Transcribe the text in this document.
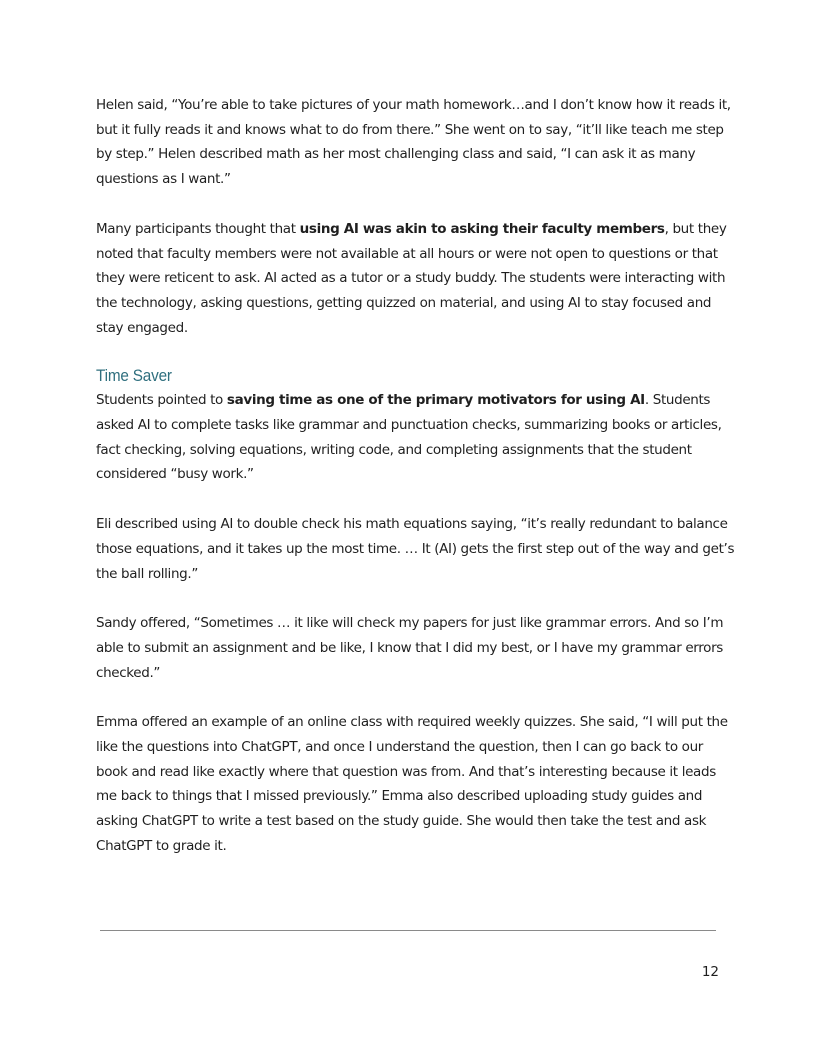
Helen said, “You’re able to take pictures of your math homework…and I don’t know how it reads it, but it fully reads it and knows what to do from there.” She went on to say, “it’ll like teach me step by step.” Helen described math as her most challenging class and said, “I can ask it as many questions as I want.”

Many participants thought that using AI was akin to asking their faculty members, but they noted that faculty members were not available at all hours or were not open to questions or that they were reticent to ask. AI acted as a tutor or a study buddy. The students were interacting with the technology, asking questions, getting quizzed on material, and using AI to stay focused and stay engaged.

Time Saver

Students pointed to saving time as one of the primary motivators for using AI. Students asked AI to complete tasks like grammar and punctuation checks, summarizing books or articles, fact checking, solving equations, writing code, and completing assignments that the student considered “busy work.”

Eli described using AI to double check his math equations saying, “it’s really redundant to balance those equations, and it takes up the most time. … It (AI) gets the first step out of the way and get’s the ball rolling.”

Sandy offered, “Sometimes … it like will check my papers for just like grammar errors. And so I’m able to submit an assignment and be like, I know that I did my best, or I have my grammar errors checked.”

Emma offered an example of an online class with required weekly quizzes. She said, “I will put the like the questions into ChatGPT, and once I understand the question, then I can go back to our book and read like exactly where that question was from. And that’s interesting because it leads me back to things that I missed previously.” Emma also described uploading study guides and asking ChatGPT to write a test based on the study guide. She would then take the test and ask ChatGPT to grade it.

12
